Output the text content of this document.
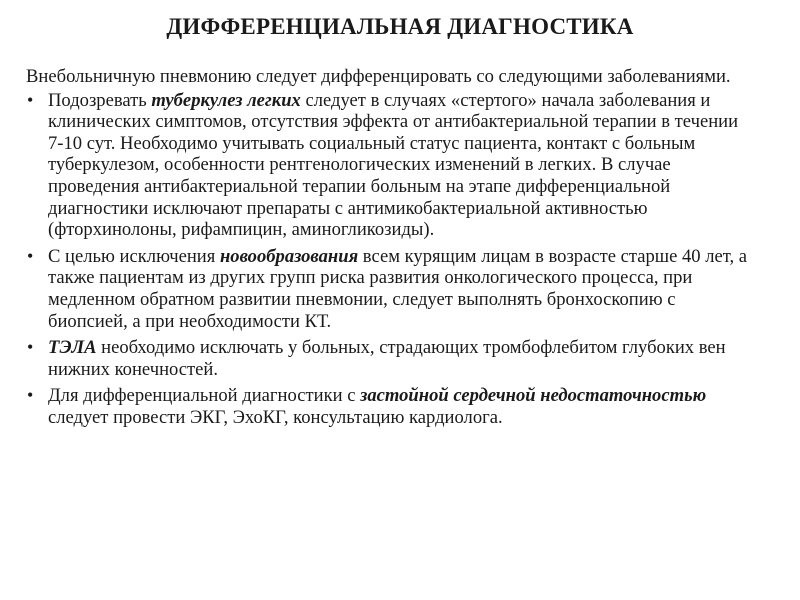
ДИФФЕРЕНЦИАЛЬНАЯ ДИАГНОСТИКА

Внебольничную пневмонию следует дифференцировать со следующими заболеваниями.

• Подозревать туберкулез легких следует в случаях «стертого» начала заболевания и клинических симптомов, отсутствия эффекта от антибактериальной терапии в течении 7-10 сут. Необходимо учитывать социальный статус пациента, контакт с больным туберкулезом, особенности рентгенологических изменений в легких. В случае проведения антибактериальной терапии больным на этапе дифференциальной диагностики исключают препараты с антимикобактериальной активностью (фторхинолоны, рифампицин, аминогликозиды).
• С целью исключения новообразования всем курящим лицам в возрасте старше 40 лет, а также пациентам из других групп риска развития онкологического процесса, при медленном обратном развитии пневмонии, следует выполнять бронхоскопию с биопсией, а при необходимости КТ.
• ТЭЛА необходимо исключать у больных, страдающих тромбофлебитом глубоких вен нижних конечностей.
• Для дифференциальной диагностики с застойной сердечной недостаточностью следует провести ЭКГ, ЭхоКГ, консультацию кардиолога.
